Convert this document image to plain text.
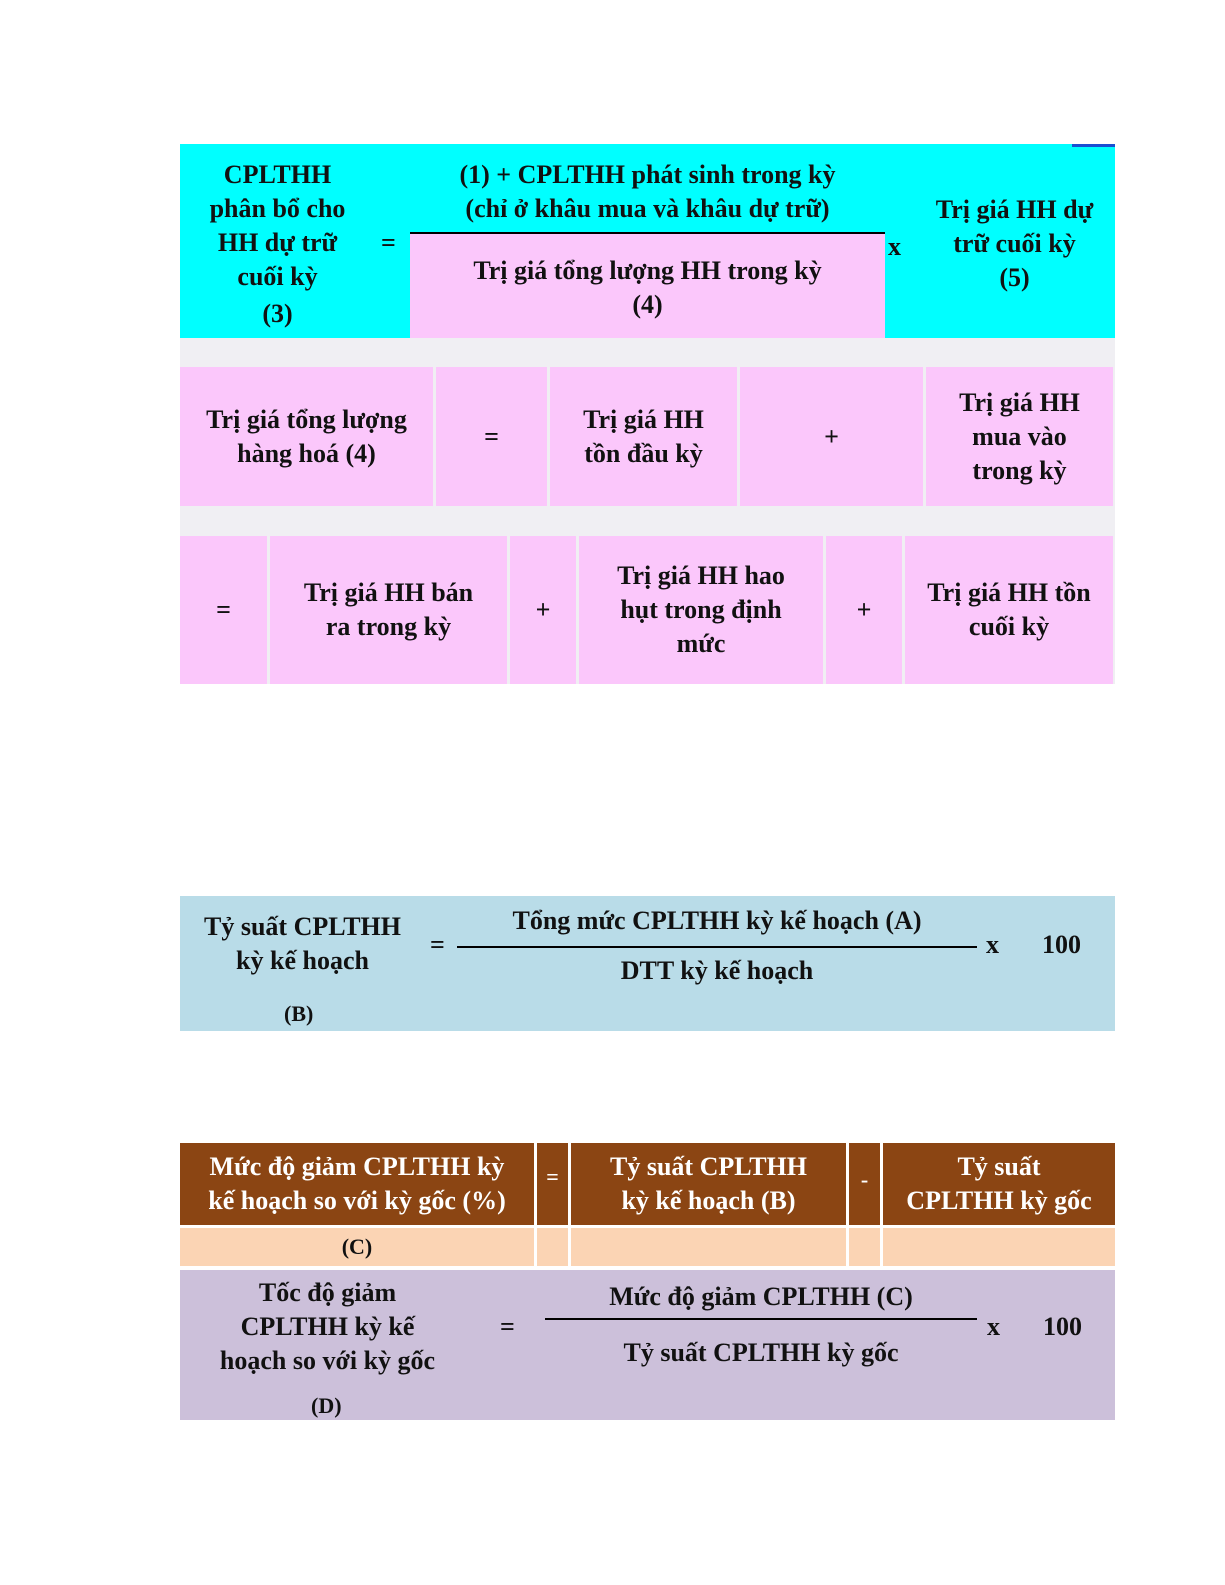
CPLTHH
phân bổ cho
HH dự trữ
cuối kỳ
(3)
=
(1) + CPLTHH phát sinh trong kỳ
(chỉ ở khâu mua và khâu dự trữ)
Trị giá tổng lượng HH trong kỳ
(4)
x
Trị giá HH dự
trữ cuối kỳ
(5)
Trị giá tổng lượng
hàng hoá (4)
=
Trị giá HH
tồn đầu kỳ
+
Trị giá HH
mua vào
trong kỳ
=
Trị giá HH bán
ra trong kỳ
+
Trị giá HH hao
hụt trong định
mức
+
Trị giá HH tồn
cuối kỳ
Tỷ suất CPLTHH
kỳ kế hoạch
(B)
=
Tổng mức CPLTHH kỳ kế hoạch (A)
DTT kỳ kế hoạch
x 100
Mức độ giảm CPLTHH kỳ
kế hoạch so với kỳ gốc (%)
= Tỷ suất CPLTHH
kỳ kế hoạch (B)
-	Tỷ suất
CPLTHH kỳ gốc
(C)
Tốc độ giảm
CPLTHH kỳ kế
hoạch so với kỳ gốc
(D)
=
Mức độ giảm CPLTHH (C)
Tỷ suất CPLTHH kỳ gốc
x 100
